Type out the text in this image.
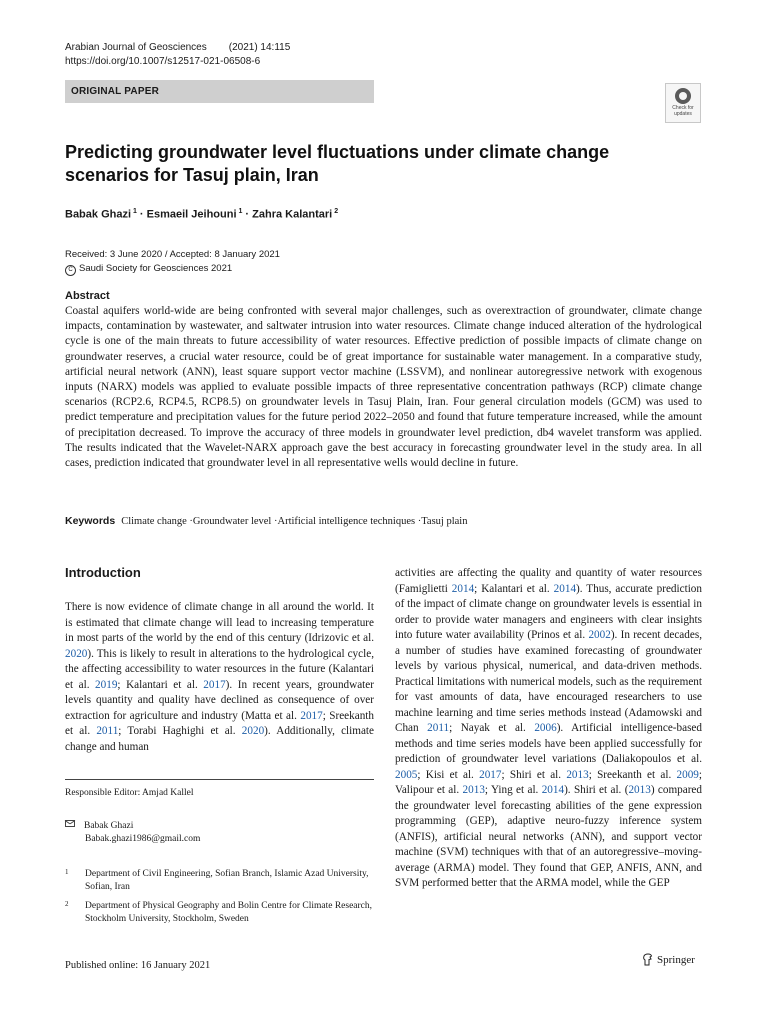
Arabian Journal of Geosciences (2021) 14:115
https://doi.org/10.1007/s12517-021-06508-6
ORIGINAL PAPER
Check for
updates
Predicting groundwater level fluctuations under climate change scenarios for Tasuj plain, Iran
Babak Ghazi $^1$ · Esmaeil Jeihouni $^1$ · Zahra Kalantari $^2$
Received: 3 June 2020 / Accepted: 8 January 2021
C Saudi Society for Geosciences 2021
Abstract

Coastal aquifers world-wide are being confronted with several major challenges, such as overextraction of groundwater, climate change impacts, contamination by wastewater, and saltwater intrusion into water resources. Climate change induced alteration of the hydrological cycle is one of the main threats to future accessibility of water resources. Effective prediction of possible impacts of climate change on groundwater reserves, a crucial water resource, could be of great importance for sustainable water management. In a comparative study, artificial neural network (ANN), least square support vector machine (LSSVM), and nonlinear autoregressive network with exogenous inputs (NARX) models was applied to evaluate possible impacts of three representative concentration pathways (RCP) climate change scenarios (RCP2.6, RCP4.5, RCP8.5) on groundwater levels in Tasuj Plain, Iran. Four general circulation models (GCM) was used to predict temperature and precipitation values for the future period 2022–2050 and found that future temperature increased, while the amount of precipitation decreased. To improve the accuracy of three models in groundwater level prediction, db4 wavelet transform was applied. The results indicated that the Wavelet-NARX approach gave the best accuracy in forecasting groundwater level in the study area. In all cases, prediction indicated that groundwater level in all representative wells would decline in future.

Keywords Climate change · Groundwater level · Artificial intelligence techniques · Tasuj plain
Introduction

There is now evidence of climate change in all around the world. It is estimated that climate change will lead to increasing temperature in most parts of the world by the end of this century (Idrizovic et al. 2020). This is likely to result in alterations to the hydrological cycle, the affecting accessibility to water resources in the future (Kalantari et al. 2019; Kalantari et al. 2017). In recent years, groundwater levels quantity and quality have declined as consequence of over extraction for agriculture and industry (Matta et al. 2017; Sreekanth et al. 2011; Torabi Haghighi et al. 2020). Additionally, climate change and human

activities are affecting the quality and quantity of water resources (Famiglietti 2014; Kalantari et al. 2014). Thus, accurate prediction of the impact of climate change on groundwater levels is essential in order to provide water managers and engineers with clear insights into future water availability (Prinos et al. 2002). In recent decades, a number of studies have examined forecasting of groundwater levels by various physical, numerical, and data-driven methods. Practical limitations with numerical models, such as the requirement for vast amounts of data, have encouraged researchers to use machine learning and time series methods instead (Adamowski and Chan 2011; Nayak et al. 2006). Artificial intelligence-based methods and time series models have been applied successfully for prediction of groundwater level variations (Daliakopoulos et al. 2005; Kisi et al. 2017; Shiri et al. 2013; Sreekanth et al. 2009; Valipour et al. 2013; Ying et al. 2014). Shiri et al. (2013) compared the groundwater level forecasting abilities of the gene expression programming (GEP), adaptive neuro-fuzzy inference system (ANFIS), artificial neural networks (ANN), and support vector machine (SVM) techniques with that of an autoregressive–moving-average (ARMA) model. They found that GEP, ANFIS, ANN, and SVM performed better that the ARMA model, while the GEP

Responsible Editor: Amjad Kallel
Babak Ghazi
Babak.ghazi1986@gmail.com
1	Department of Civil Engineering, Sofian Branch, Islamic Azad University, Sofian, Iran
2	Department of Physical Geography and Bolin Centre for Climate Research, Stockholm University, Stockholm, Sweden
Published online: 16 January 2021	Springer
